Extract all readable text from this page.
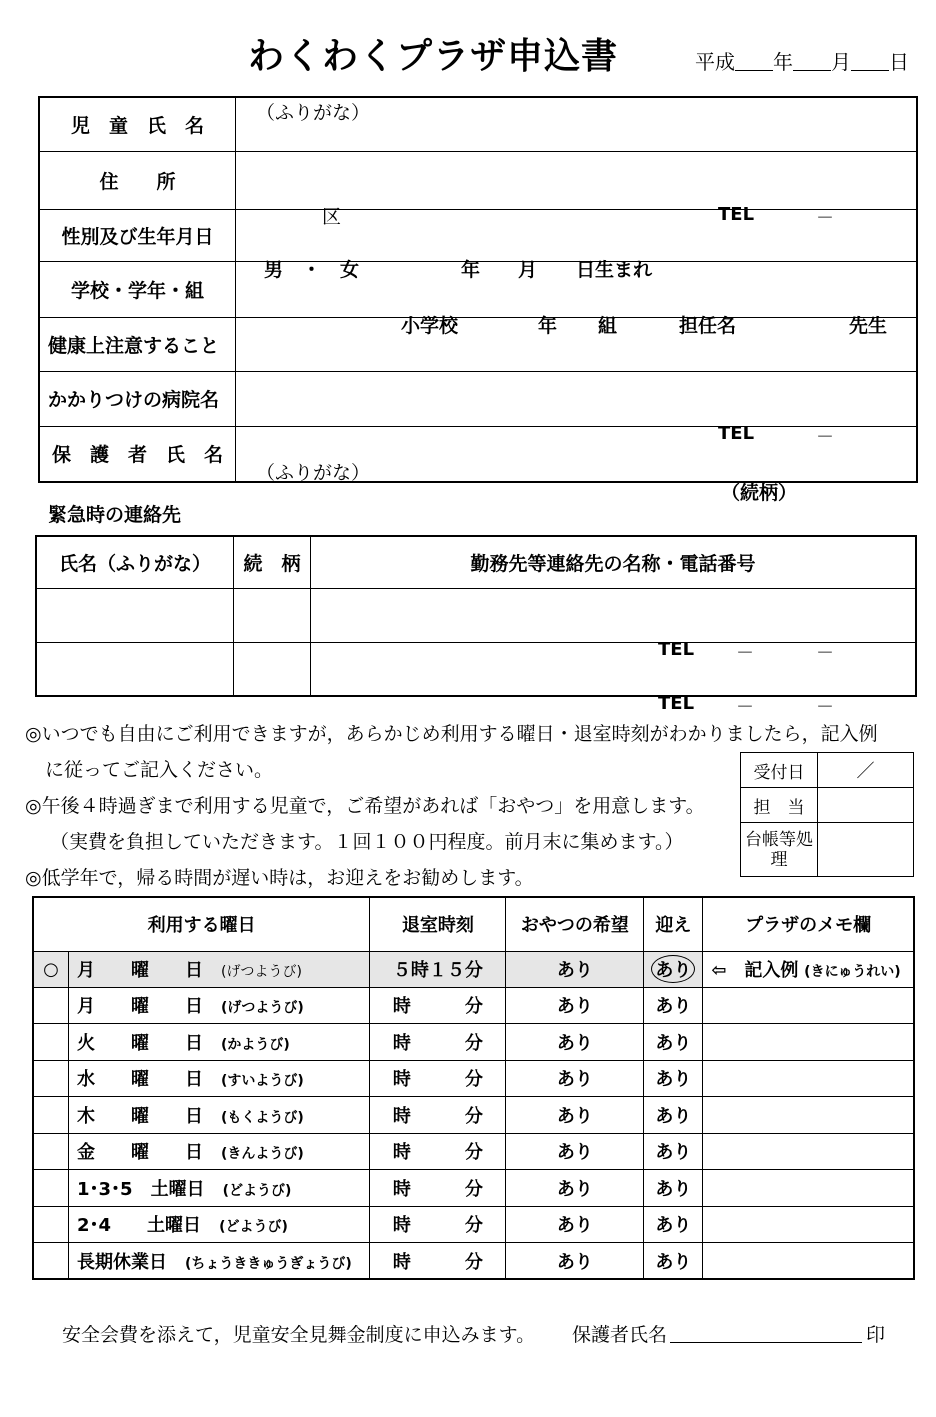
わくわくプラザ申込書	平成 年 月 日
児　童　氏　名	（ふりがな）
住　　所	区 TEL －

性別及び生年月日	男　・　女 年 月 日生まれ

学校・学年・組	小学校 年 組 担任名 先生

健康上注意すること	
かかりつけの病院名	TEL －

保　護　者　氏　名	（ふりがな）
（続柄）
緊急時の連絡先
氏名（ふりがな）	続　柄	勤務先等連絡先の名称・電話番号

		TEL － －

		TEL － －
◎いつでも自由にご利用できますが，あらかじめ利用する曜日・退室時刻がわかりましたら，記入例
に従ってご記入ください。
◎午後４時過ぎまで利用する児童で，ご希望があれば「おやつ」を用意します。
（実費を負担していただきます。１回１００円程度。前月末に集めます。）
◎低学年で，帰る時間が遅い時は，お迎えをお勧めします。
受付日	／
担　当	
台帳等処　理	
利用する曜日		退室時刻	おやつの希望	迎え	プラザのメモ欄
○	月　　曜　　日　 (げつようび)	５時１５分	あり	あり	⇦　記入例 (きにゅうれい)
	月　　曜　　日　 (げつようび)	時　　　 分	あり	あり	
	火　　曜　　日　 (かようび)	時　　　 分	あり	あり	
	水　　曜　　日　 (すいようび)	時　　　 分	あり	あり	
	木　　曜　　日　 (もくようび)	時　　　 分	あり	あり	
	金　　曜　　日　 (きんようび)	時　　　 分	あり	あり	
	1･3･5　土曜日　 (どようび)	時　　　 分	あり	あり	
	2･4　　土曜日　 (どようび)	時　　　 分	あり	あり	
	長期休業日　 (ちょうききゅうぎょうび)	時　　　 分	あり	あり	
安全会費を添えて，児童安全見舞金制度に申込みます。 保護者氏名	印
